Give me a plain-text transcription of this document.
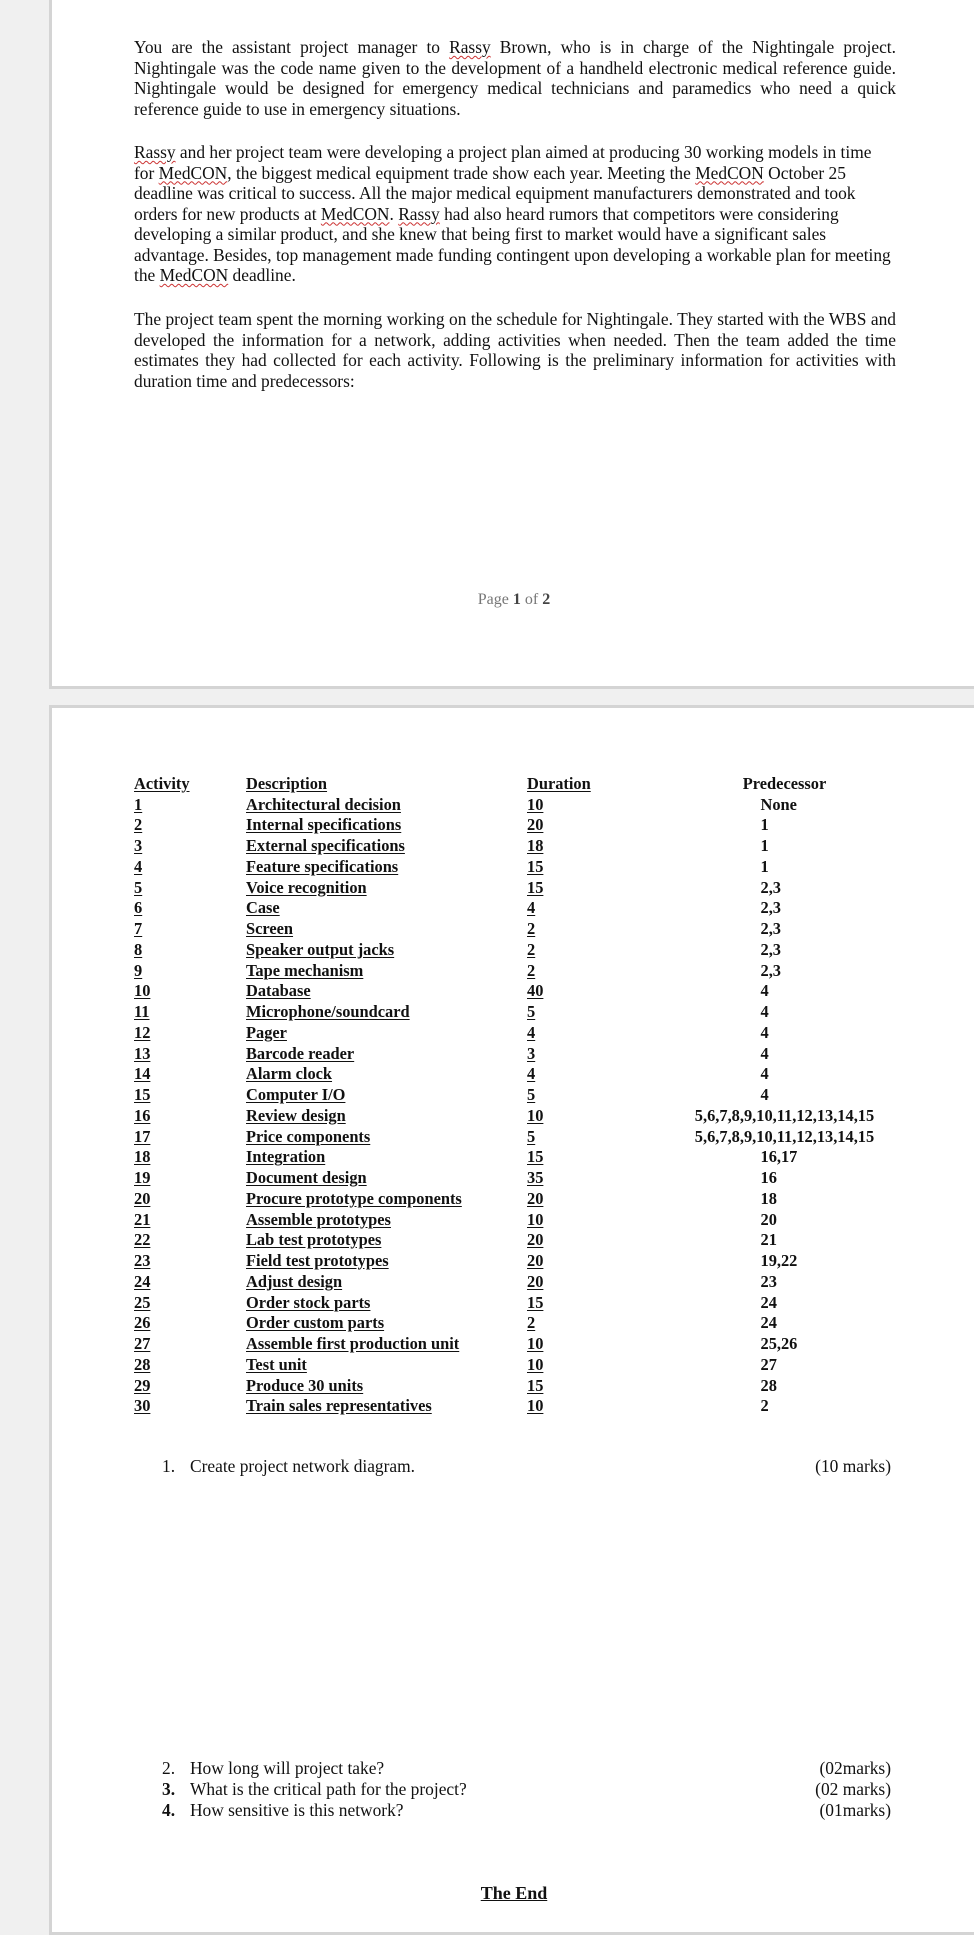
You are the assistant project manager to Rassy Brown, who is in charge of the Nightingale project. Nightingale was the code name given to the development of a handheld electronic medical reference guide. Nightingale would be designed for emergency medical technicians and paramedics who need a quick reference guide to use in emergency situations.

Rassy and her project team were developing a project plan aimed at producing 30 working models in time for MedCON, the biggest medical equipment trade show each year. Meeting the MedCON October 25 deadline was critical to success. All the major medical equipment manufacturers demonstrated and took orders for new products at MedCON. Rassy had also heard rumors that competitors were considering developing a similar product, and she knew that being first to market would have a significant sales advantage. Besides, top management made funding contingent upon developing a workable plan for meeting the MedCON deadline.

The project team spent the morning working on the schedule for Nightingale. They started with the WBS and developed the information for a network, adding activities when needed. Then the team added the time estimates they had collected for each activity. Following is the preliminary information for activities with duration time and predecessors:

Page 1 of 2
Activity	Description	Duration	Predecessor
1	Architectural decision	10	None
2	Internal specifications	20	1
3	External specifications	18	1
4	Feature specifications	15	1
5	Voice recognition	15	2,3
6	Case	4	2,3
7	Screen	2	2,3
8	Speaker output jacks	2	2,3
9	Tape mechanism	2	2,3
10	Database	40	4
11	Microphone/soundcard	5	4
12	Pager	4	4
13	Barcode reader	3	4
14	Alarm clock	4	4
15	Computer I/O	5	4
16	Review design	10	5,6,7,8,9,10,11,12,13,14,15
17	Price components	5	5,6,7,8,9,10,11,12,13,14,15
18	Integration	15	16,17
19	Document design	35	16
20	Procure prototype components	20	18
21	Assemble prototypes	10	20
22	Lab test prototypes	20	21
23	Field test prototypes	20	19,22
24	Adjust design	20	23
25	Order stock parts	15	24
26	Order custom parts	2	24
27	Assemble first production unit	10	25,26
28	Test unit	10	27
29	Produce 30 units	15	28
30	Train sales representatives	10	2
1. Create project network diagram.	(10 marks)
2. How long will project take?	(02marks)
3. What is the critical path for the project?	(02 marks)
4. How sensitive is this network?	(01marks)
The End
